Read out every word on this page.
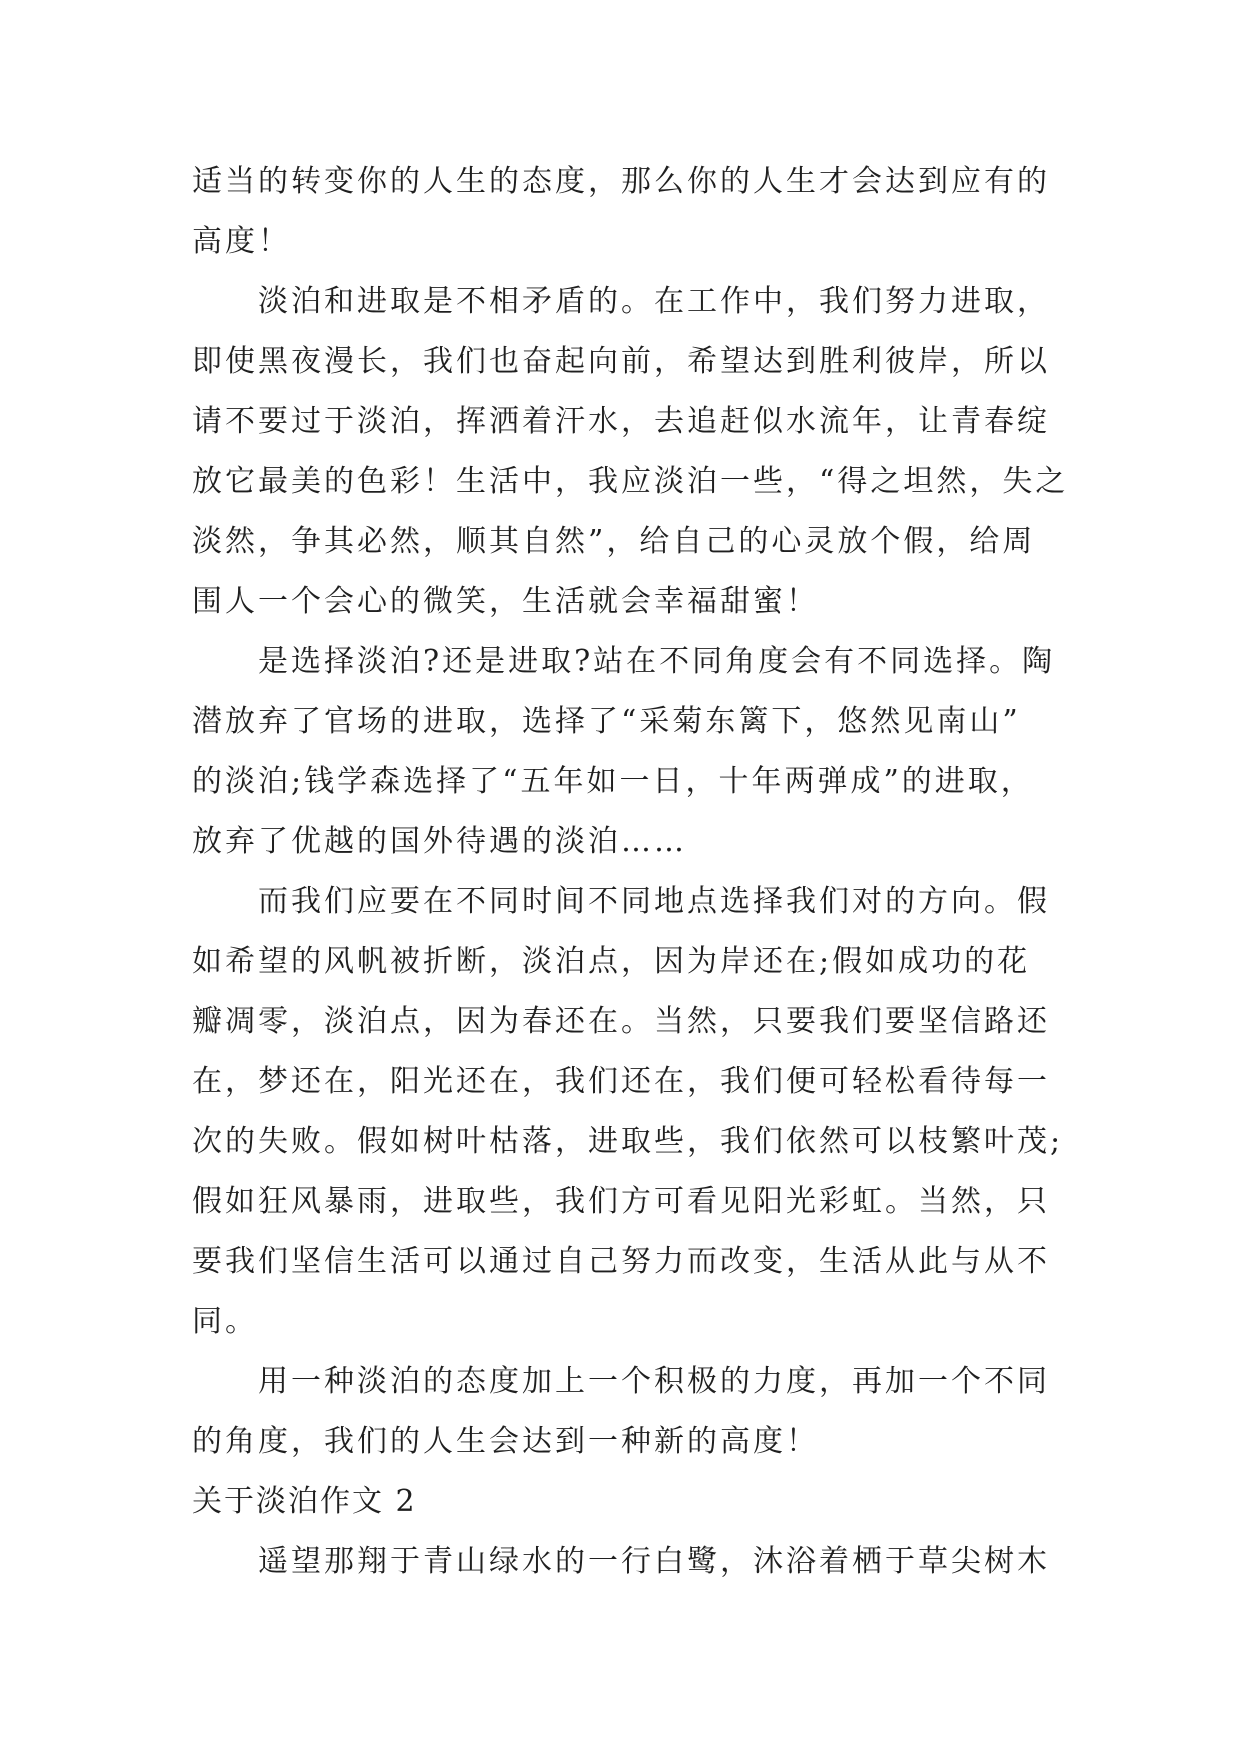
适当的转变你的人生的态度，那么你的人生才会达到应有的
高度！
淡泊和进取是不相矛盾的。在工作中，我们努力进取，
即使黑夜漫长，我们也奋起向前，希望达到胜利彼岸，所以
请不要过于淡泊，挥洒着汗水，去追赶似水流年，让青春绽
放它最美的色彩！生活中，我应淡泊一些，“得之坦然，失之
淡然，争其必然，顺其自然”，给自己的心灵放个假，给周
围人一个会心的微笑，生活就会幸福甜蜜！
是选择淡泊?还是进取?站在不同角度会有不同选择。陶
潜放弃了官场的进取，选择了“采菊东篱下，悠然见南山”
的淡泊;钱学森选择了“五年如一日，十年两弹成”的进取，
放弃了优越的国外待遇的淡泊……
而我们应要在不同时间不同地点选择我们对的方向。假
如希望的风帆被折断，淡泊点，因为岸还在;假如成功的花
瓣凋零，淡泊点，因为春还在。当然，只要我们要坚信路还
在，梦还在，阳光还在，我们还在，我们便可轻松看待每一
次的失败。假如树叶枯落，进取些，我们依然可以枝繁叶茂;
假如狂风暴雨，进取些，我们方可看见阳光彩虹。当然，只
要我们坚信生活可以通过自己努力而改变，生活从此与从不
同。
用一种淡泊的态度加上一个积极的力度，再加一个不同
的角度，我们的人生会达到一种新的高度！
关于淡泊作文 2
遥望那翔于青山绿水的一行白鹭，沐浴着栖于草尖树木
